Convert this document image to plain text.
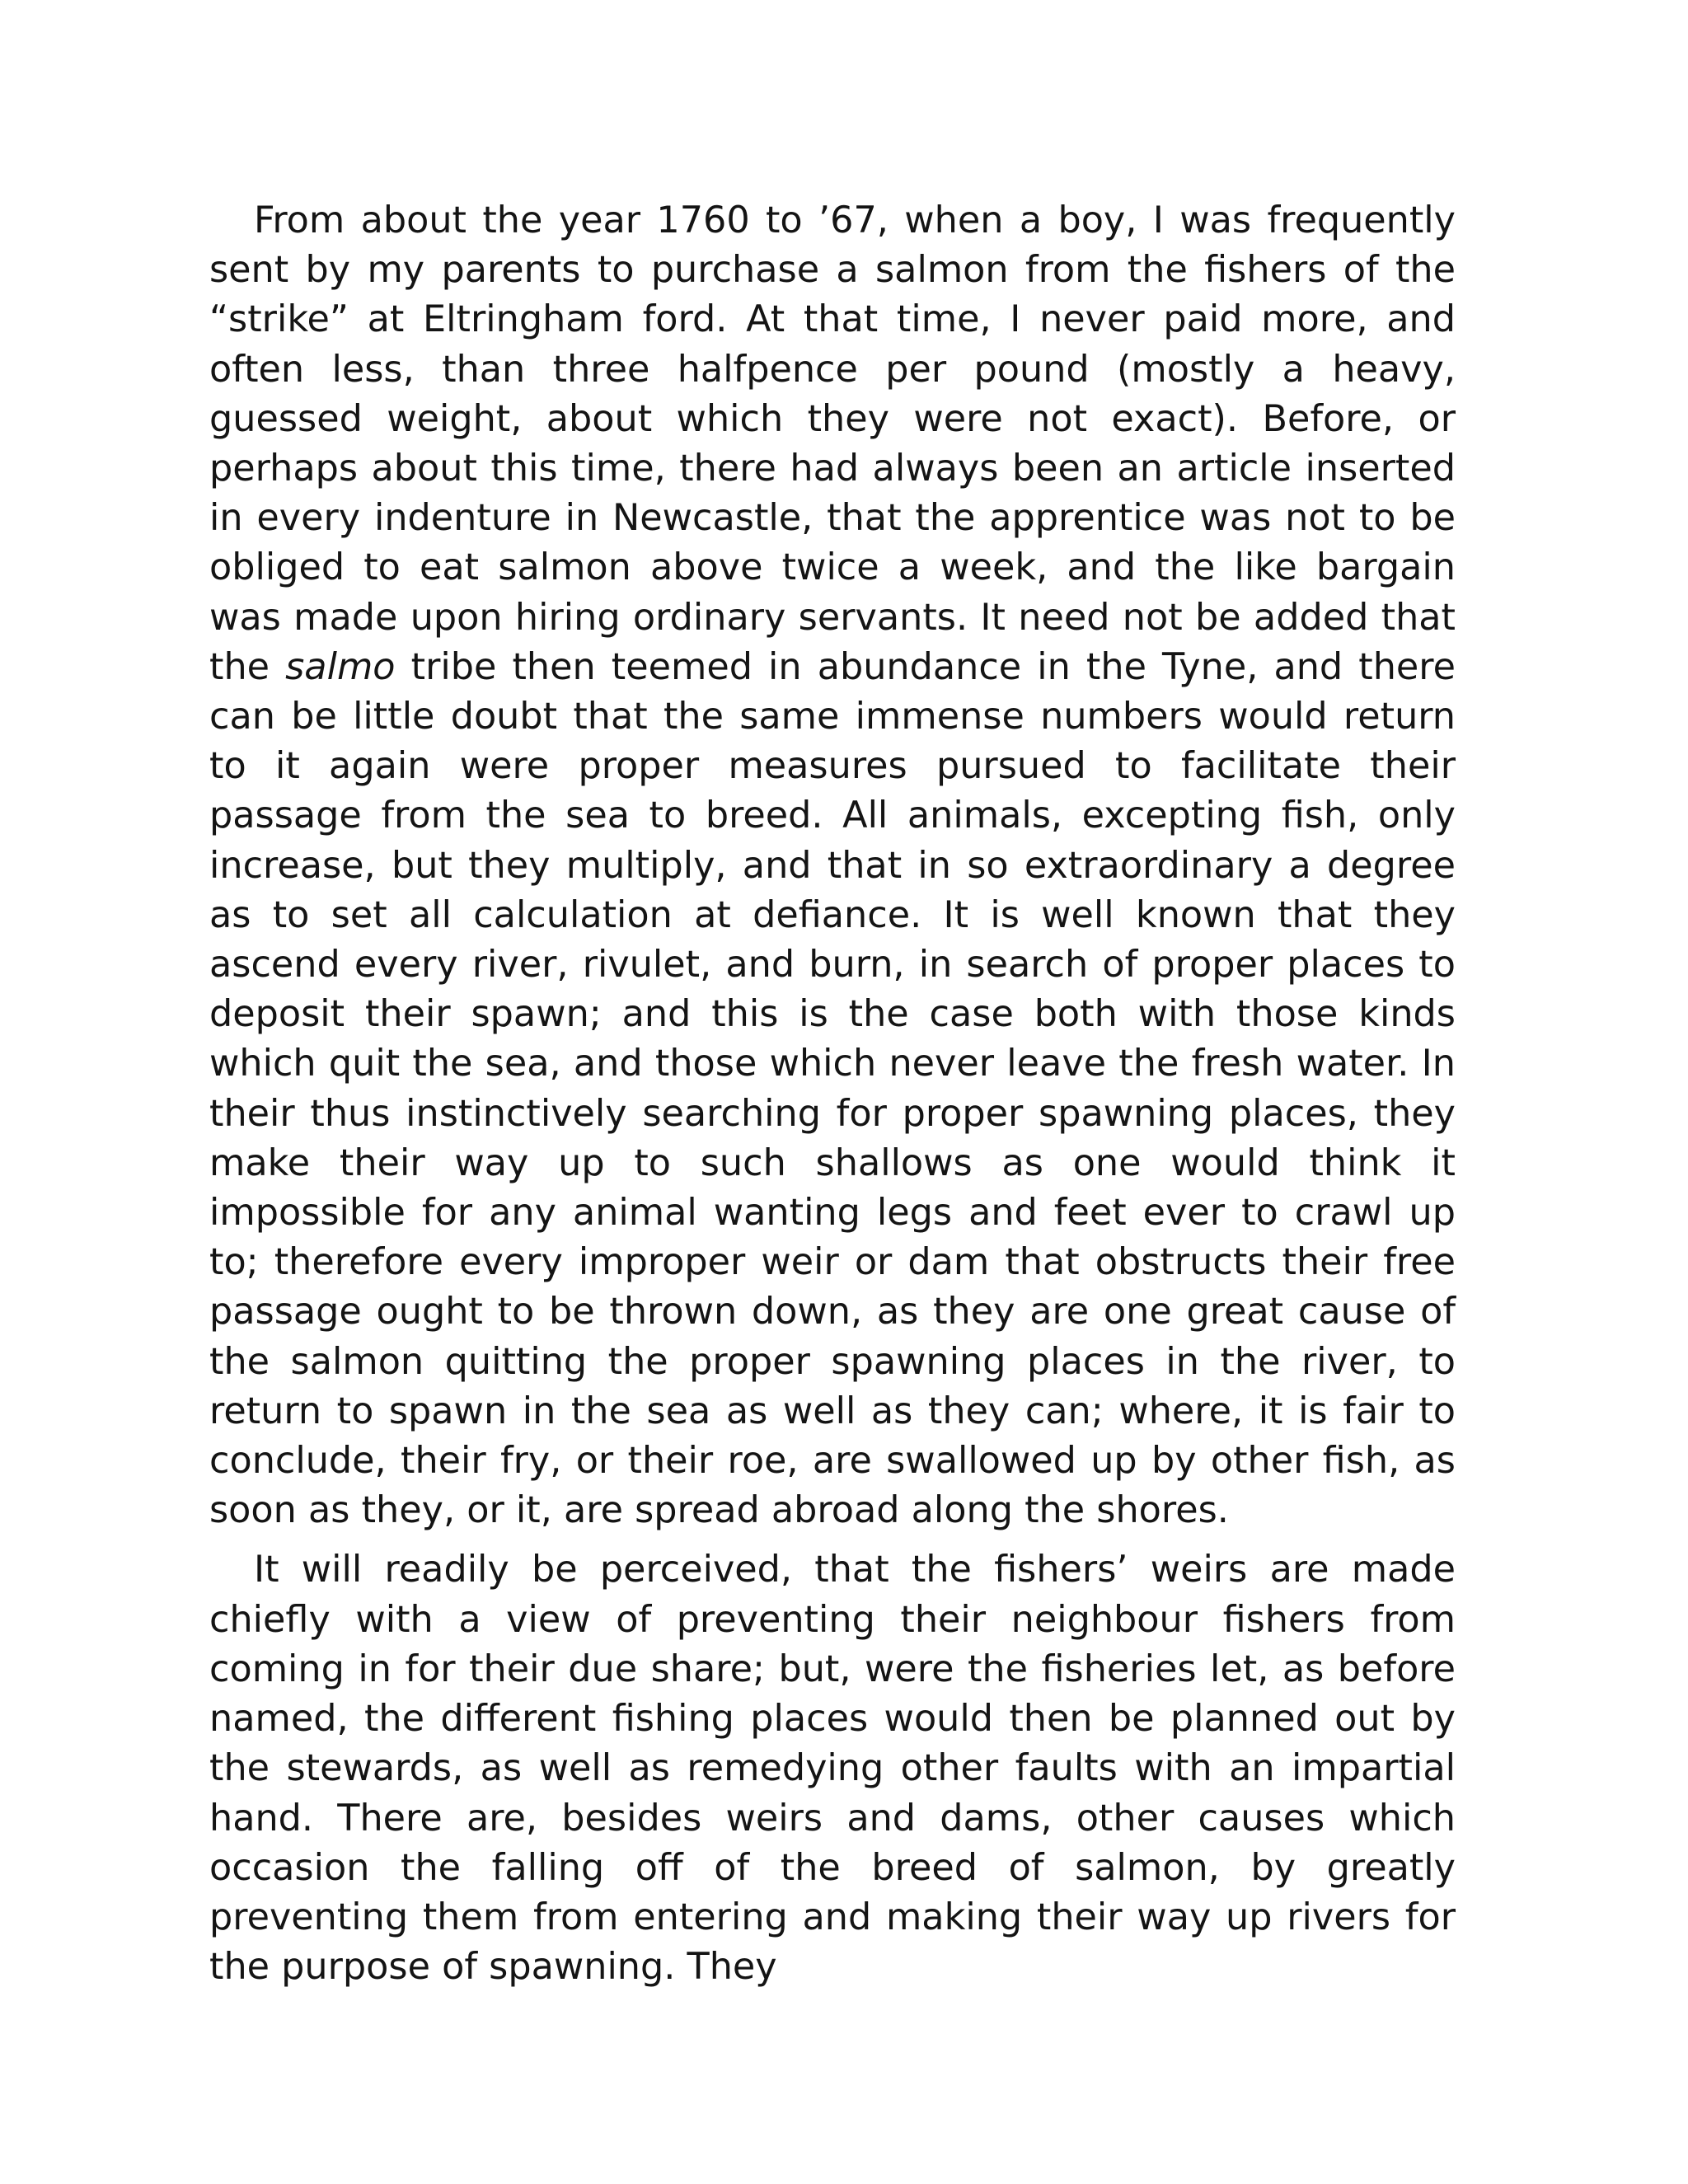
From about the year 1760 to ’67, when a boy, I was frequently sent by my parents to purchase a salmon from the fishers of the “strike” at Eltringham ford. At that time, I never paid more, and often less, than three halfpence per pound (mostly a heavy, guessed weight, about which they were not exact). Before, or perhaps about this time, there had always been an article inserted in every indenture in Newcastle, that the apprentice was not to be obliged to eat salmon above twice a week, and the like bargain was made upon hiring ordinary servants. It need not be added that the salmo tribe then teemed in abundance in the Tyne, and there can be little doubt that the same immense numbers would return to it again were proper measures pursued to facilitate their passage from the sea to breed. All animals, excepting fish, only increase, but they multiply, and that in so extraordinary a degree as to set all calculation at defiance. It is well known that they ascend every river, rivulet, and burn, in search of proper places to deposit their spawn; and this is the case both with those kinds which quit the sea, and those which never leave the fresh water. In their thus instinctively searching for proper spawning places, they make their way up to such shallows as one would think it impossible for any animal wanting legs and feet ever to crawl up to; therefore every improper weir or dam that obstructs their free passage ought to be thrown down, as they are one great cause of the salmon quitting the proper spawning places in the river, to return to spawn in the sea as well as they can; where, it is fair to conclude, their fry, or their roe, are swallowed up by other fish, as soon as they, or it, are spread abroad along the shores.

It will readily be perceived, that the fishers’ weirs are made chiefly with a view of preventing their neighbour fishers from coming in for their due share; but, were the fisheries let, as before named, the different fishing places would then be planned out by the stewards, as well as remedying other faults with an impartial hand. There are, besides weirs and dams, other causes which occasion the falling off of the breed of salmon, by greatly preventing them from entering and making their way up rivers for the purpose of spawning. They
